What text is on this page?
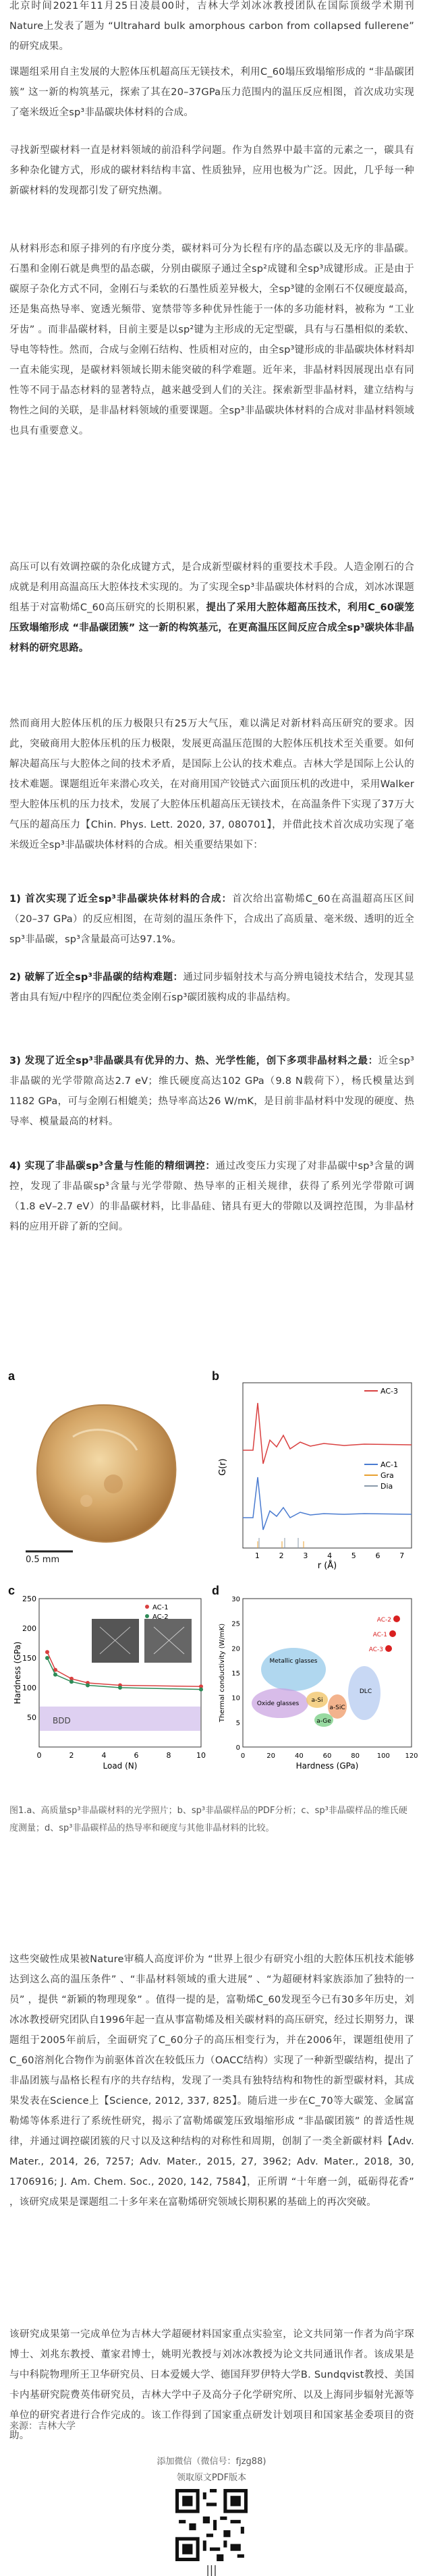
北京时间2021年11月25日凌晨00时，吉林大学刘冰冰教授团队在国际顶级学术期刊Nature上发表了题为 “Ultrahard bulk amorphous carbon from collapsed fullerene” 的研究成果。
课题组采用自主发展的大腔体压机超高压无镁技术，利用C_60塌压致塌缩形成的 “非晶碳团簇” 这一新的构筑基元，探索了其在20–37GPa压力范围内的温压反应相图，首次成功实现了毫米级近全sp³非晶碳块体材料的合成。
寻找新型碳材料一直是材料领域的前沿科学问题。作为自然界中最丰富的元素之一，碳具有多种杂化键方式，形成的碳材料结构丰富、性质独异，应用也极为广泛。因此，几乎每一种新碳材料的发现都引发了研究热潮。
从材料形态和原子排列的有序度分类，碳材料可分为长程有序的晶态碳以及无序的非晶碳。石墨和金刚石就是典型的晶态碳，分别由碳原子通过全sp²成键和全sp³成键形成。正是由于碳原子杂化方式不同，金刚石与柔软的石墨性质差异极大，全sp³键的金刚石不仅硬度最高，还是集高热导率、宽透光频带、宽禁带等多种优异性能于一体的多功能材料，被称为 “工业牙齿” 。而非晶碳材料，目前主要是以sp²键为主形成的无定型碳，具有与石墨相似的柔软、导电等特性。然而，合成与金刚石结构、性质相对应的，由全sp³键形成的非晶碳块体材料却一直未能实现，是碳材料领域长期未能突破的科学难题。近年来，非晶材料因展现出卓有同性等不同于晶态材料的显著特点，越来越受到人们的关注。探索新型非晶材料，建立结构与物性之间的关联，是非晶材料领域的重要课题。全sp³非晶碳块体材料的合成对非晶材料领域也具有重要意义。
高压可以有效调控碳的杂化成键方式，是合成新型碳材料的重要技术手段。人造金刚石的合成就是利用高温高压大腔体技术实现的。为了实现全sp³非晶碳块体材料的合成，刘冰冰课题组基于对富勒烯C_60高压研究的长期积累，提出了采用大腔体超高压技术，利用C_60碳笼压致塌缩形成 “非晶碳团簇” 这一新的构筑基元，在更高温压区间反应合成全sp³碳块体非晶材料的研究思路。
然而商用大腔体压机的压力极限只有25万大气压，难以满足对新材料高压研究的要求。因此，突破商用大腔体压机的压力极限，发展更高温压范围的大腔体压机技术至关重要。如何解决超高压与大腔体之间的技术矛盾，是国际上公认的技术难点。吉林大学是国际上公认的技术难题。课题组近年来潜心攻关，在对商用国产铰链式六面顶压机的改进中，采用Walker型大腔体压机的压力技术，发展了大腔体压机超高压无镁技术，在高温条件下实现了37万大气压的超高压力【Chin. Phys. Lett. 2020, 37, 080701】，并借此技术首次成功实现了毫米级近全sp³非晶碳块体材料的合成。相关重要结果如下：
1) 首次实现了近全sp³非晶碳块体材料的合成：首次给出富勒烯C_60在高温超高压区间（20–37 GPa）的反应相图，在苛刻的温压条件下，合成出了高质量、毫米级、透明的近全sp³非晶碳，sp³含量最高可达97.1%。
2) 破解了近全sp³非晶碳的结构难题：通过同步辐射技术与高分辨电镜技术结合，发现其显著由具有短/中程序的四配位类金刚石sp³碳团簇构成的非晶结构。
3) 发现了近全sp³非晶碳具有优异的力、热、光学性能，创下多项非晶材料之最：近全sp³非晶碳的光学带隙高达2.7 eV；维氏硬度高达102 GPa（9.8 N载荷下），杨氏模量达到1182 GPa，可与金刚石相媲美；热导率高达26 W/mK，是目前非晶材料中发现的硬度、热导率、模量最高的材料。
4) 实现了非晶碳sp³含量与性能的精细调控：通过改变压力实现了对非晶碳中sp³含量的调控，发现了非晶碳sp³含量与光学带隙、热导率的正相关规律，获得了系列光学带隙可调（1.8 eV–2.7 eV）的非晶碳材料，比非晶硅、锗具有更大的带隙以及调控范围，为非晶材料的应用开辟了新的空间。
a	b
c	d
0.5 mm
AC-3
AC-1
Gra
Dia
1	2	3	4	5	6	7
r (Å)
G(r)
BDD
0	2	4	6	8	10
50
100
150
200
250
AC-1
AC-2
Load (N)
Hardness (GPa)	Metallic glasses
Oxide glasses a-Si
a-Ge
a-SiC
DLC
AC-1
AC-2
AC-3
0	20	40	60	80	100 120
0
5
10
15
20
25
30
Hardness (GPa)
Thermal conductivity (W/mK)
图1.a、高质量sp³非晶碳材料的光学照片；b、sp³非晶碳样品的PDF分析；c、sp³非晶碳样品的维氏硬度测量；d、sp³非晶碳样品的热导率和硬度与其他非晶材料的比较。
这些突破性成果被Nature审稿人高度评价为 “世界上很少有研究小组的大腔体压机技术能够达到这么高的温压条件” 、“非晶材料领域的重大进展” 、“为超硬材料家族添加了独特的一员” ，提供 “新颖的物理现象” 。值得一提的是，富勒烯C_60发现至今已有30多年历史，刘冰冰教授研究团队自1996年起一直从事富勒烯及相关碳材料的高压研究，经过长期努力，课题组于2005年前后，全面研究了C_60分子的高压相变行为，并在2006年，课题组使用了C_60溶剂化合物作为前驱体首次在较低压力（OACC结构）实现了一种新型碳结构，提出了非晶团簇与晶格长程有序的共存结构，发现了一类具有独特结构和物性的新型碳材料，其成果发表在Science上【Science, 2012, 337, 825】。随后进一步在C_70等大碳笼、金属富勒烯等体系进行了系统性研究，揭示了富勒烯碳笼压致塌缩形成 “非晶碳团簇” 的普适性规律，并通过调控碳团簇的尺寸以及这种结构的对称性和周期，创制了一类全新碳材料【Adv. Mater., 2014, 26, 7257; Adv. Mater., 2015, 27, 3962; Adv. Mater., 2018, 30, 1706916; J. Am. Chem. Soc., 2020, 142, 7584】，正所谓 “十年磨一剑，砥砺得花香” ，该研究成果是课题组二十多年来在富勒烯研究领域长期积累的基础上的再次突破。
该研究成果第一完成单位为吉林大学超硬材料国家重点实验室，论文共同第一作者为尚宇琛博士、刘兆东教授、董家君博士，姚明光教授与刘冰冰教授为论文共同通讯作者。该成果是与中科院物理所王卫华研究员、日本爱媛大学、德国拜罗伊特大学B. Sundqvist教授、美国卡内基研究院费英伟研究员，吉林大学中子及高分子化学研究所、以及上海同步辐射光源等单位的研究者进行合作完成的。该工作得到了国家重点研发计划项目和国家基金委项目的资助。
来源：吉林大学
添加微信（微信号：fjzg88)
领取原文PDF版本
|||
